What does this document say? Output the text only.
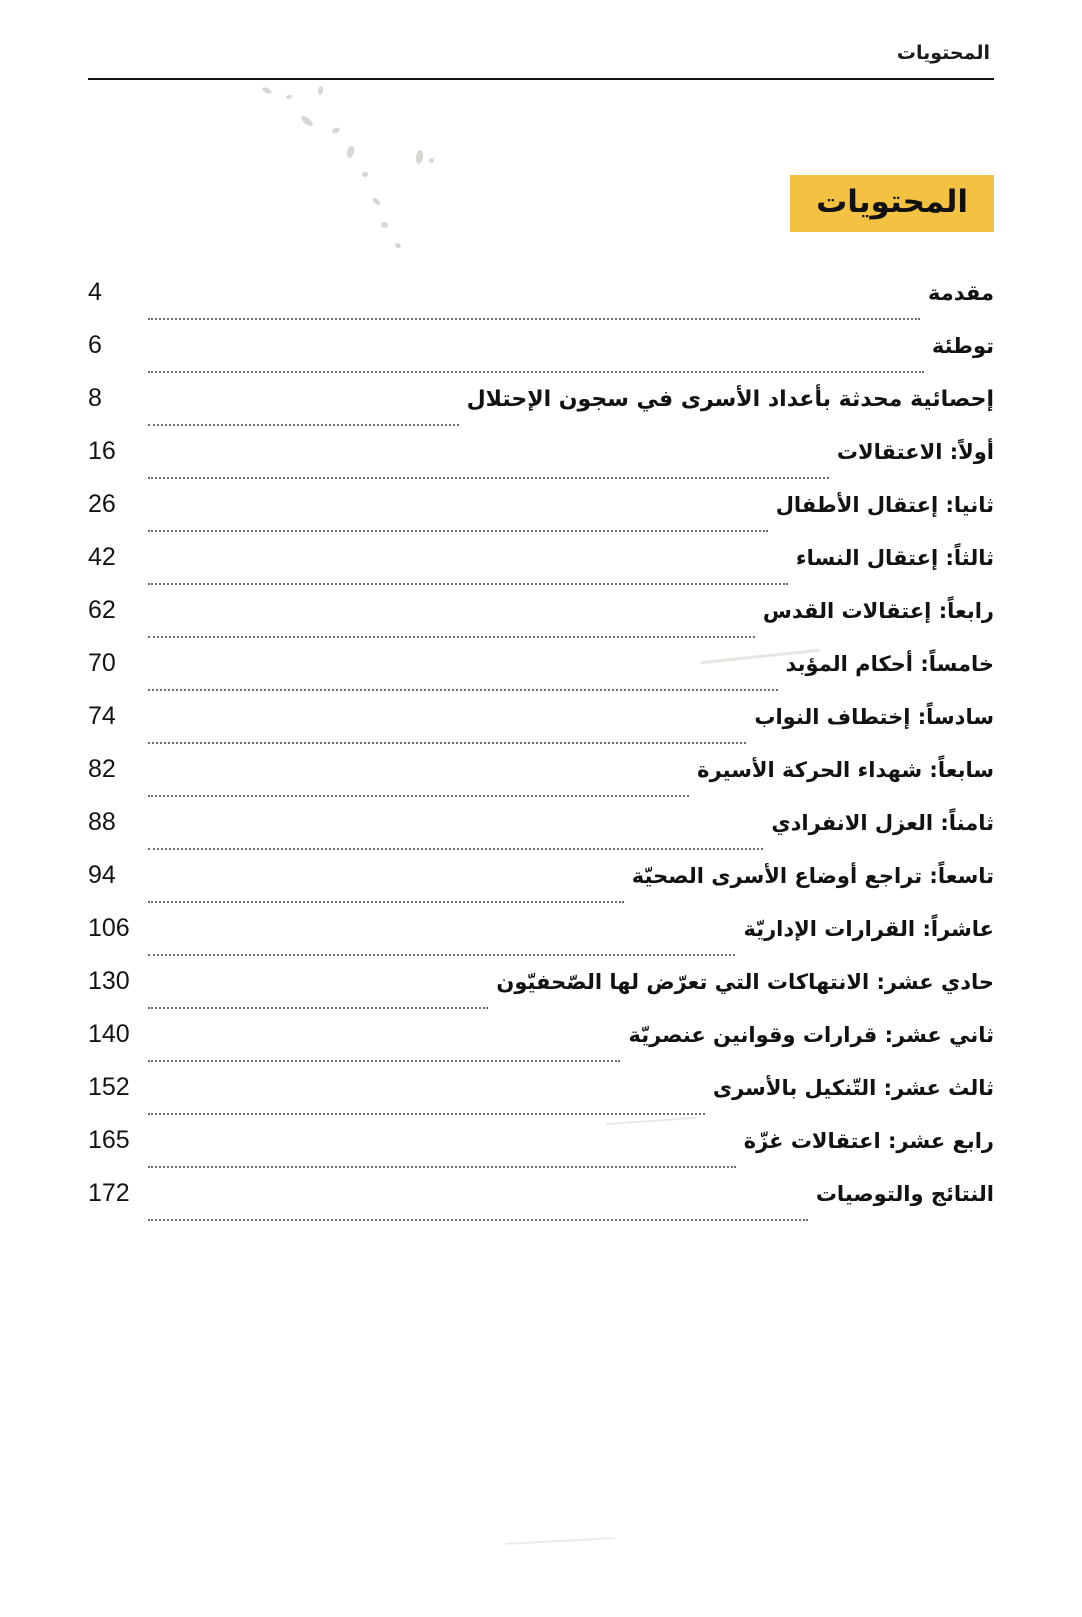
المحتويات
المحتويات
مقدمة
4
توطئة
6
إحصائية محدثة بأعداد الأسرى في سجون الإحتلال
8
أولاً: الاعتقالات
16
ثانيا: إعتقال الأطفال
26
ثالثاً: إعتقال النساء
42
رابعاً: إعتقالات القدس
62
خامساً: أحكام المؤبد
70
سادساً: إختطاف النواب
74
سابعاً: شهداء الحركة الأسيرة
82
ثامناً: العزل الانفرادي
88
تاسعاً: تراجع أوضاع الأسرى الصحيّة
94
عاشراً: القرارات الإداريّة
106
حادي عشر: الانتهاكات التي تعرّض لها الصّحفيّون
130
ثاني عشر: قرارات وقوانين عنصريّة
140
ثالث عشر: التّنكيل بالأسرى
152
رابع عشر: اعتقالات غزّة
165
النتائج والتوصيات
172
